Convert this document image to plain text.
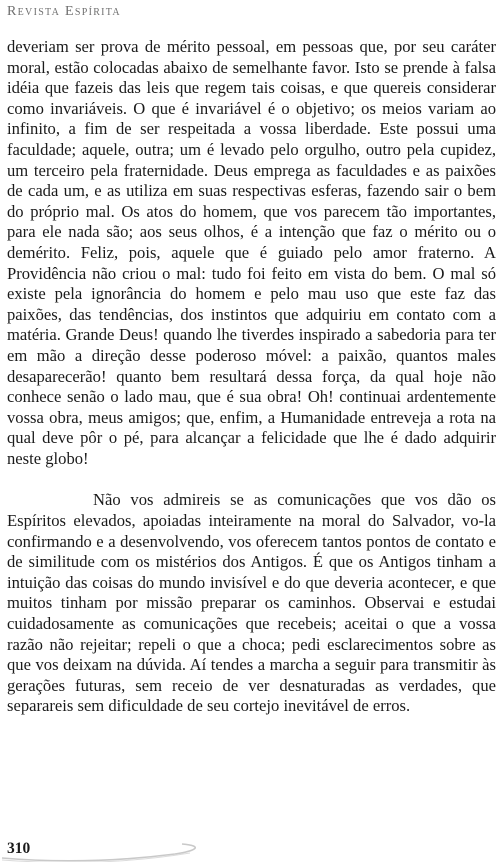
Revista Espírita

deveriam ser prova de mérito pessoal, em pessoas que, por seu caráter moral, estão colocadas abaixo de semelhante favor. Isto se prende à falsa idéia que fazeis das leis que regem tais coisas, e que quereis considerar como invariáveis. O que é invariável é o objetivo; os meios variam ao infinito, a fim de ser respeitada a vossa liberdade. Este possui uma faculdade; aquele, outra; um é levado pelo orgulho, outro pela cupidez, um terceiro pela fraternidade. Deus emprega as faculdades e as paixões de cada um, e as utiliza em suas respectivas esferas, fazendo sair o bem do próprio mal. Os atos do homem, que vos parecem tão importantes, para ele nada são; aos seus olhos, é a intenção que faz o mérito ou o demérito. Feliz, pois, aquele que é guiado pelo amor fraterno. A Providência não criou o mal: tudo foi feito em vista do bem. O mal só existe pela ignorância do homem e pelo mau uso que este faz das paixões, das tendências, dos instintos que adquiriu em contato com a matéria. Grande Deus! quando lhe tiverdes inspirado a sabedoria para ter em mão a direção desse poderoso móvel: a paixão, quantos males desaparecerão! quanto bem resultará dessa força, da qual hoje não conhece senão o lado mau, que é sua obra! Oh! continuai ardentemente vossa obra, meus amigos; que, enfim, a Humanidade entreveja a rota na qual deve pôr o pé, para alcançar a felicidade que lhe é dado adquirir neste globo!

Não vos admireis se as comunicações que vos dão os Espíritos elevados, apoiadas inteiramente na moral do Salvador, vo-la confirmando e a desenvolvendo, vos oferecem tantos pontos de contato e de similitude com os mistérios dos Antigos. É que os Antigos tinham a intuição das coisas do mundo invisível e do que deveria acontecer, e que muitos tinham por missão preparar os caminhos. Observai e estudai cuidadosamente as comunicações que recebeis; aceitai o que a vossa razão não rejeitar; repeli o que a choca; pedi esclarecimentos sobre as que vos deixam na dúvida. Aí tendes a marcha a seguir para transmitir às gerações futuras, sem receio de ver desnaturadas as verdades, que separareis sem dificuldade de seu cortejo inevitável de erros.

310
